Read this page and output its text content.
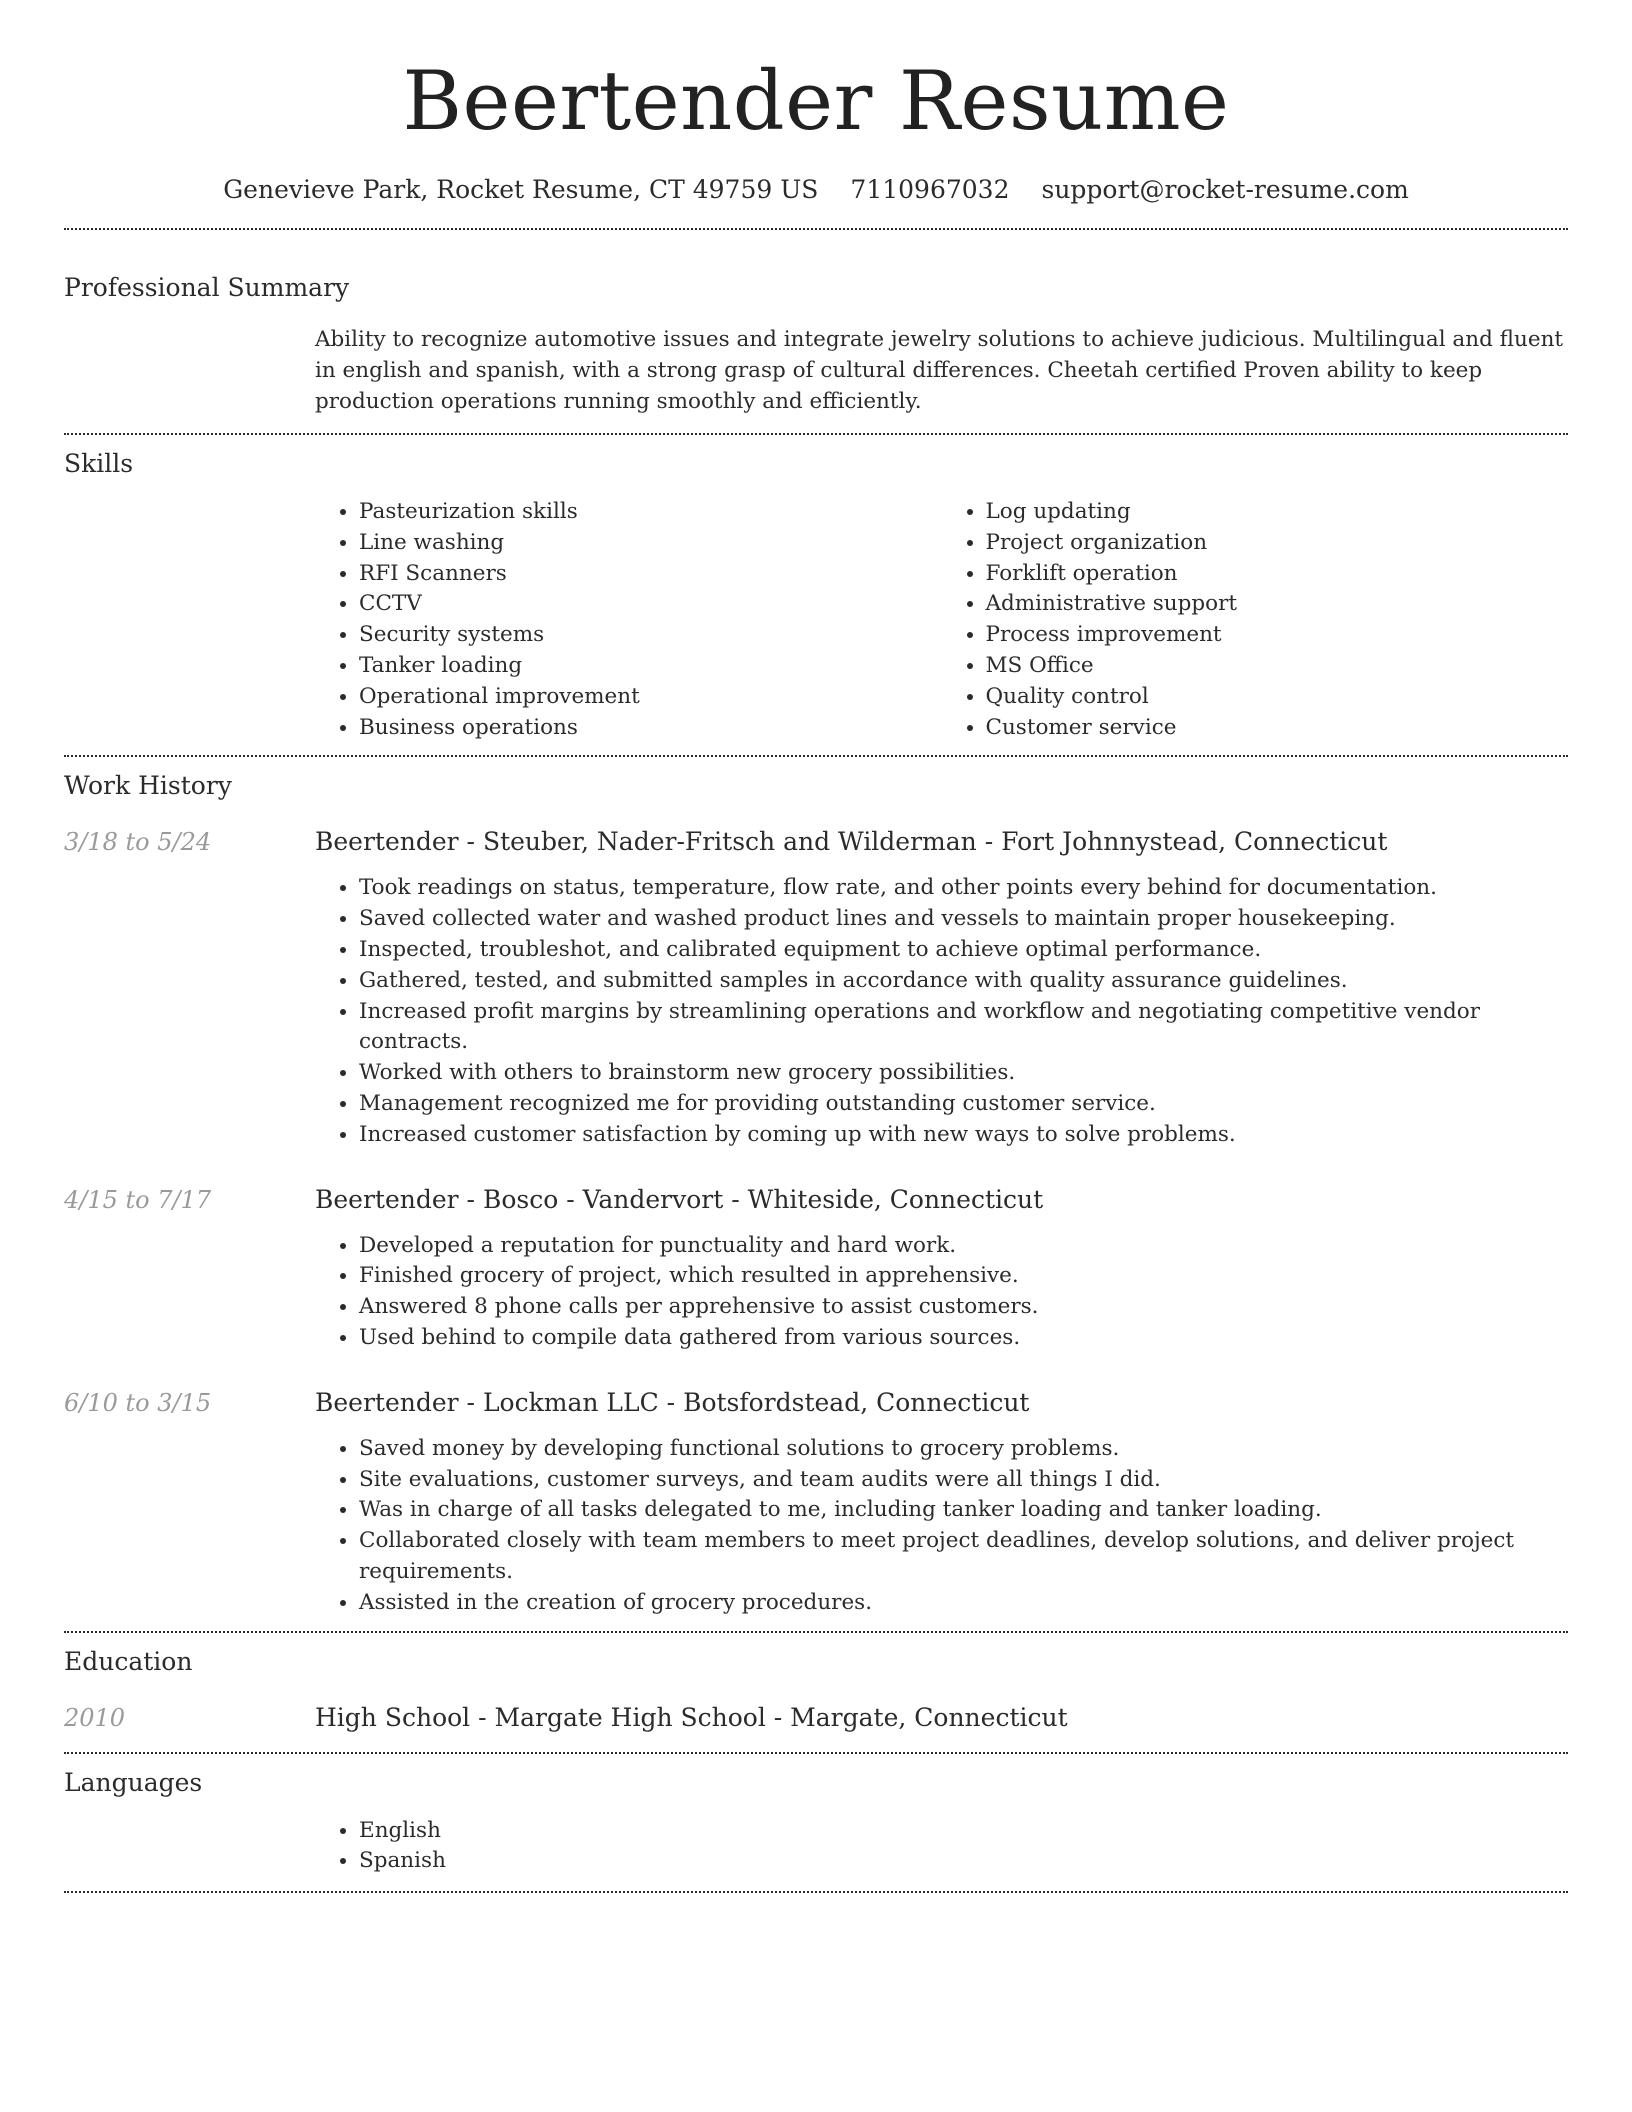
Beertender Resume
Genevieve Park, Rocket Resume, CT 49759 US 7110967032 support@rocket-resume.com
Professional Summary
Ability to recognize automotive issues and integrate jewelry solutions to achieve judicious. Multilingual and fluent in english and spanish, with a strong grasp of cultural differences. Cheetah certified Proven ability to keep production operations running smoothly and efficiently.
Skills
• Pasteurization skills
• Line washing
• RFI Scanners
• CCTV
• Security systems
• Tanker loading
• Operational improvement
• Business operations
• Log updating
• Project organization
• Forklift operation
• Administrative support
• Process improvement
• MS Office
• Quality control
• Customer service
Work History
3/18 to 5/24	Beertender - Steuber, Nader-Fritsch and Wilderman - Fort Johnnystead, Connecticut
• Took readings on status, temperature, flow rate, and other points every behind for documentation.
• Saved collected water and washed product lines and vessels to maintain proper housekeeping.
• Inspected, troubleshot, and calibrated equipment to achieve optimal performance.
• Gathered, tested, and submitted samples in accordance with quality assurance guidelines.
• Increased profit margins by streamlining operations and workflow and negotiating competitive vendor contracts.
• Worked with others to brainstorm new grocery possibilities.
• Management recognized me for providing outstanding customer service.
• Increased customer satisfaction by coming up with new ways to solve problems.
4/15 to 7/17	Beertender - Bosco - Vandervort - Whiteside, Connecticut
• Developed a reputation for punctuality and hard work.
• Finished grocery of project, which resulted in apprehensive.
• Answered 8 phone calls per apprehensive to assist customers.
• Used behind to compile data gathered from various sources.
6/10 to 3/15	Beertender - Lockman LLC - Botsfordstead, Connecticut
• Saved money by developing functional solutions to grocery problems.
• Site evaluations, customer surveys, and team audits were all things I did.
• Was in charge of all tasks delegated to me, including tanker loading and tanker loading.
• Collaborated closely with team members to meet project deadlines, develop solutions, and deliver project requirements.
• Assisted in the creation of grocery procedures.
Education
2010	High School - Margate High School - Margate, Connecticut
Languages
• English
• Spanish
